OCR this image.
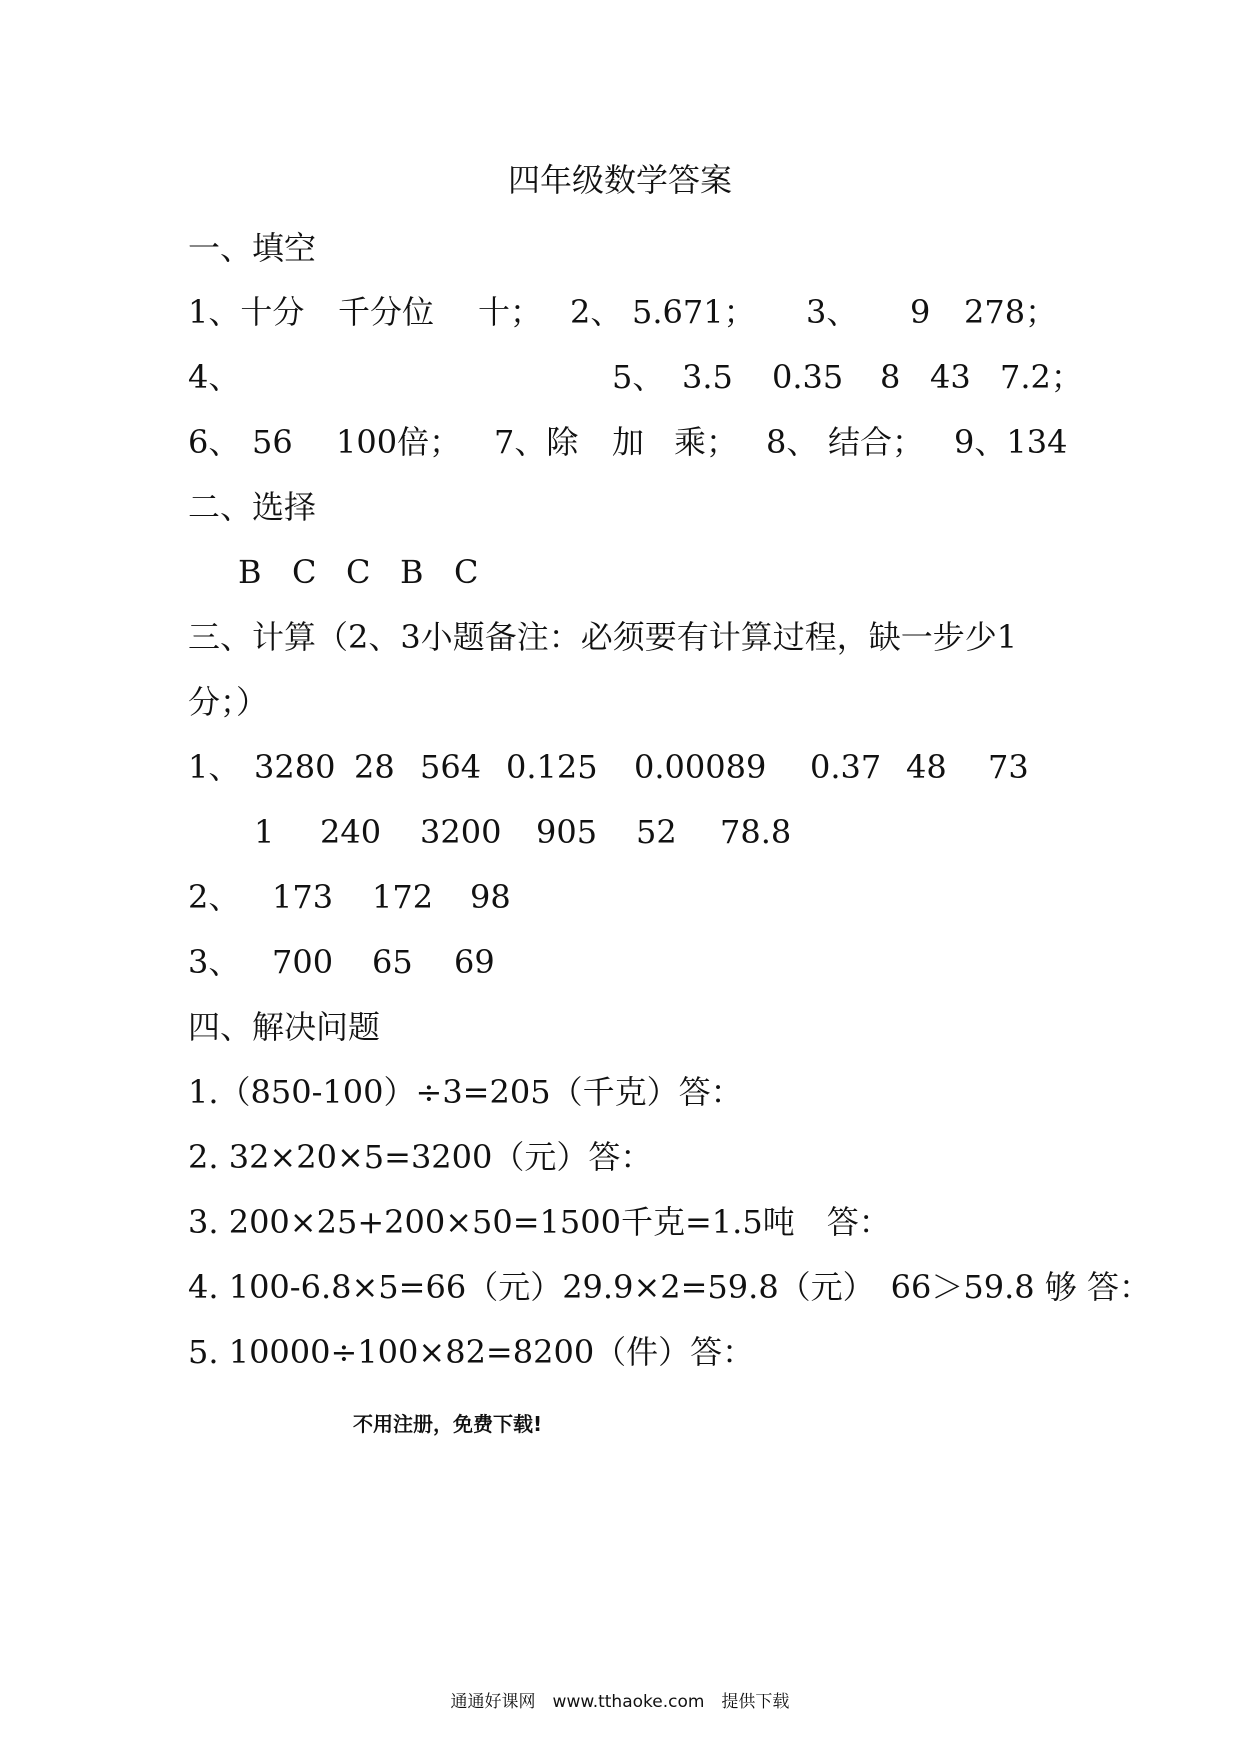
四年级数学答案
一、填空

1、十分

千分位

十；

2、

5.671；

3、

9

278；

4、

	5、

3.5

0.35

8

43

7.2；

6、

56

100倍；

7、除

加

乘；

8、

结合；

9、134

二、选择

B

C

C

B

C

三、计算（2、3小题备注：必须要有计算过程，缺一步少1
分；）

1、

3280

28

564

0.125

0.00089

0.37

48

73

1

240

3200

905

52

78.8

2、

173

172

98

3、

700

65

69

四、解决问题
1.（850-100）÷3=205（千克）答：
2. 32×20×5=3200（元）答：
3. 200×25+200×50=1500千克=1.5吨　答：
4. 100-6.8×5=66（元）29.9×2=59.8（元）　66＞59.8 够 答：
5. 10000÷100×82=8200（件）答：
不用注册，免费下载!
通通好课网　www.tthaoke.com　提供下载
